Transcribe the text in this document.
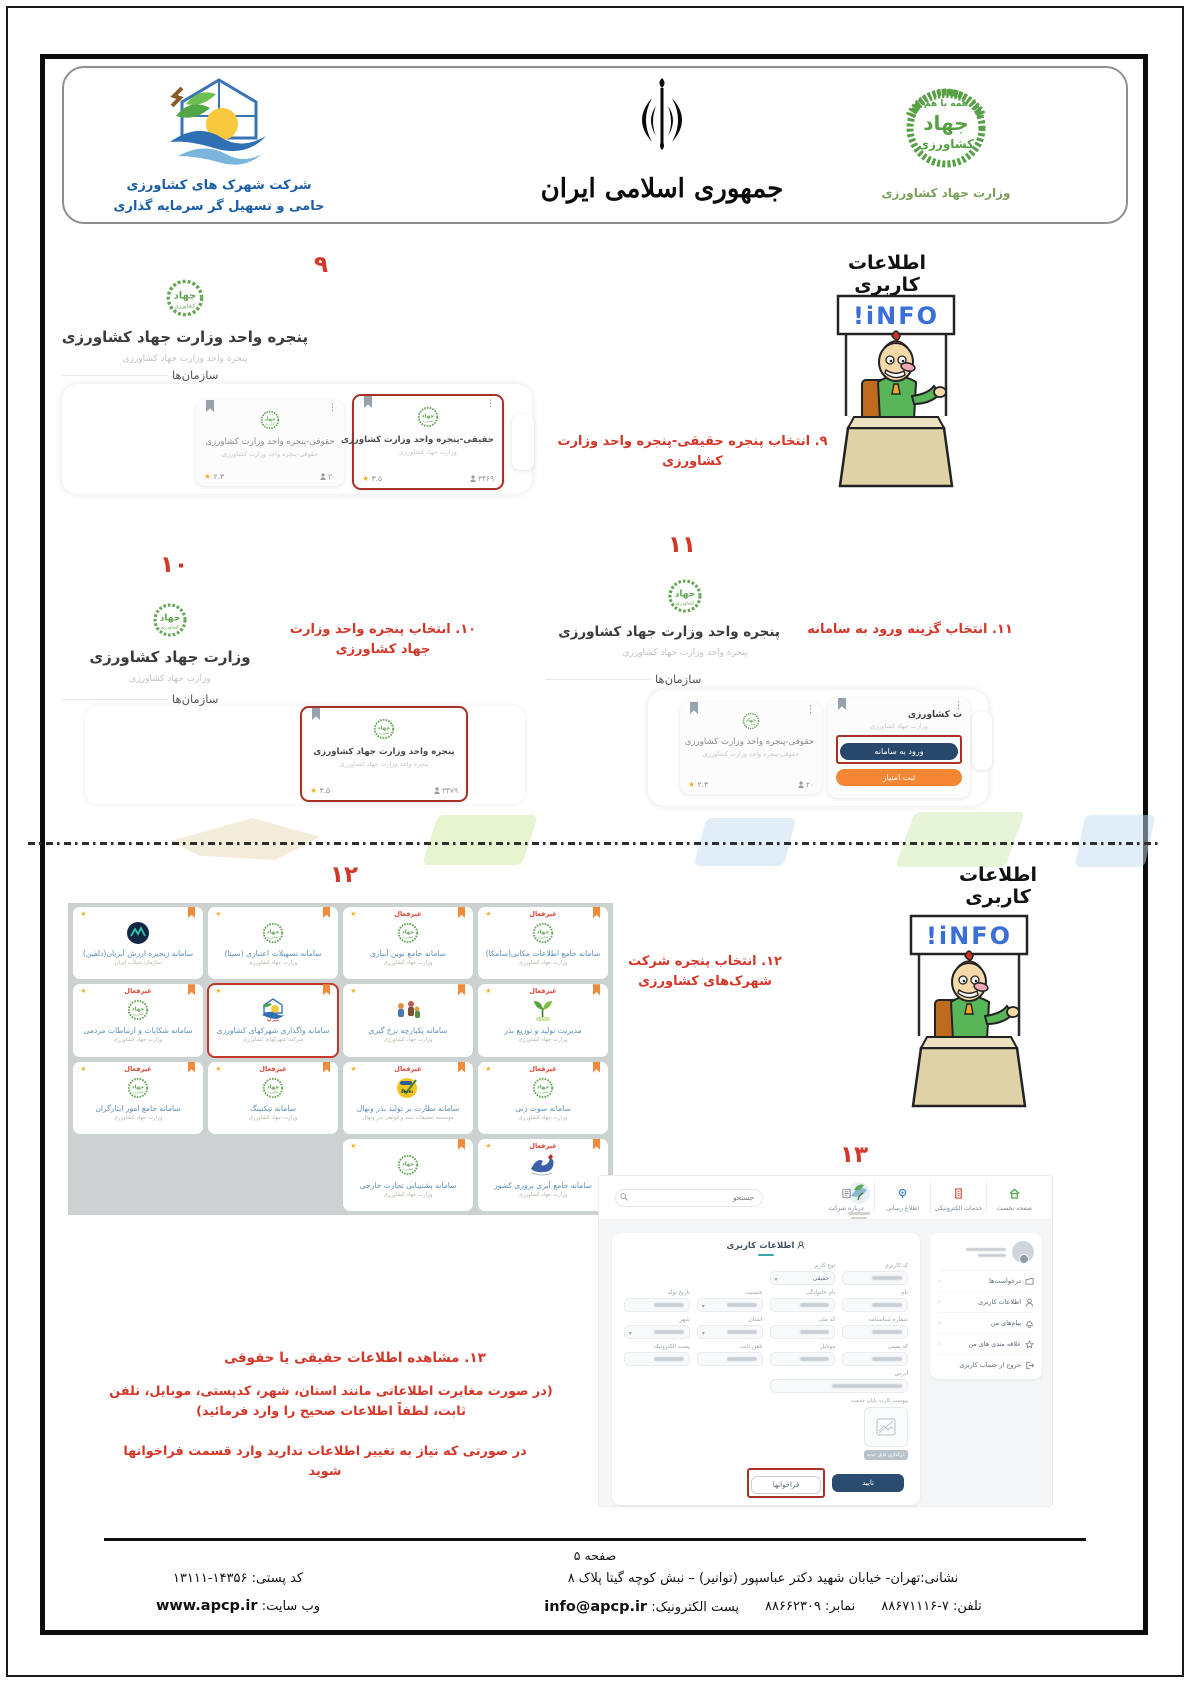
شرکت شهرک های کشاورزی
حامی و تسهیل گر سرمایه گذاری
جمهوری اسلامی ایران
همه با هم
جهاد
کشاورزی
وزارت جهاد کشاورزی
اطلاعات کاربری
iNFO!
۹
جهاد
کشاورزی
پنجره واحد وزارت جهاد کشاورزی
پنجره واحد وزارت جهاد کشاورزی
سازمان‌ها
⋮
جهاد
کشاورزی
حقوقی-پنجره واحد وزارت کشاورزی
حقوقی-پنجره واحد وزارت کشاورزی
★ ۲.۳	۲۰
⋮
جهاد
کشاورزی
حقیقی-پنجره واحد وزارت کشاورزی
وزارت جهاد کشاورزی
★ ۳.۵	۳۴۶۹
۹. انتخاب پنجره حقیقی-پنجره واحد وزارت کشاورزی
۱۰
جهاد
کشاورزی
وزارت جهاد کشاورزی
وزارت جهاد کشاورزی
۱۰. انتخاب پنجره واحد وزارت جهاد کشاورزی
سازمان‌ها
جهاد
کشاورزی
پنجره واحد وزارت جهاد کشاورزی
پنجره واحد وزارت جهاد کشاورزی
★ ۳.۵	۳۴۷۹
۱۱
جهاد
کشاورزی
پنجره واحد وزارت جهاد کشاورزی
پنجره واحد وزارت جهاد کشاورزی
۱۱. انتخاب گزینه ورود به سامانه
سازمان‌ها
⋮
جهاد
کشاورزی
حقوقی-پنجره واحد وزارت کشاورزی
حقوقی-پنجره واحد وزارت کشاورزی
★ ۲.۳	۲۰
⋮
ت کشاورزی
وزارت جهاد کشاورزی
ورود به سامانه
ثبت امتیاز
اطلاعات کاربری
iNFO!
۱۲
★·	غیرفعال
جهاد
کشاورزی
سامانه جامع اطلاعات مکانی(سامکا)
وزارت جهاد کشاورزی
★·	غیرفعال
جهاد
کشاورزی
سامانه جامع نوین آبیاری
وزارت جهاد کشاورزی
★·
جهاد
کشاورزی
سامانه تسهیلات اعتباری (سیتا)
وزارت جهاد کشاورزی
★·
سامانه زنجیره ارزش آبزیان(دلفین)
سازمان شیلات ایران
★·	غیرفعال
مدیریت تولید و توزیع بذر
وزارت جهاد کشاورزی
★·
سامانه یکپارچه نرخ گیری
وزارت جهاد کشاورزی
★·
شهرکها
سامانه واگذاری شهرکهای کشاورزی
شرکت شهرکهای کشاورزی
★·	غیرفعال
جهاد
کشاورزی
سامانه شکایات و ارتباطات مردمی
وزارت جهاد کشاورزی
★·	غیرفعال
جهاد
کشاورزی
سامانه سوت زنی
وزارت جهاد کشاورزی
★·	غیرفعال
SPCRI
سامانه نظارت بر تولید بذر ونهال
موسسه تحقیقات ثبت و گواهی بذر ونهال
★·	غیرفعال
جهاد
کشاورزی
سامانه تیکتینگ
وزارت جهاد کشاورزی
★·	غیرفعال
جهاد
کشاورزی
سامانه جامع امور ایثارگران
وزارت جهاد کشاورزی
★·	غیرفعال
سامانه جامع آبزی پروری کشور
وزارت جهاد کشاورزی
★·
جهاد
کشاورزی
سامانه پشتیبانی تجارت خارجی
وزارت جهاد کشاورزی
۱۲. انتخاب پنجره شرکت شهرک‌های کشاورزی
۱۳
جستجو
صفحه نخست
خدمات الکترونیکی
اطلاع رسانی
درباره شرکت
درخواست‌ها
‹
اطلاعات کاربری
‹
پیام‌های من
‹
علاقه مندی های من
‹
خروج از حساب کاربری
اطلاعات کاربری
کد کاربری
نوع کاربر
حقیقی
▾
نام
نام خانوادگی
جنسیت
▾
تاریخ تولد
شماره شناسنامه
کد ملی
استان
▾
شهر
▾
کد پستی
موبایل
تلفن ثابت
پست الکترونیک
آدرس
پیوست کارت پایان خدمت
بارگذاری فایل جدید
تایید
فراخوانها
۱۳. مشاهده اطلاعات حقیقی یا حقوقی
(در صورت مغایرت اطلاعاتی مانند استان، شهر، کدپستی، موبایل، تلفن ثابت، لطفاً اطلاعات صحیح را وارد فرمائید)
در صورتی که نیاز به تغییر اطلاعات ندارید وارد قسمت فراخوانها شوید
صفحه ۵
نشانی:تهران- خیابان شهید دکتر عباسپور (توانیر) – نبش کوچه گیتا پلاک ۸
کد پستی: ۱۴۳۵۶-۱۳۱۱۱
تلفن: ۷-۸۸۶۷۱۱۱۶
نمابر: ۸۸۶۶۲۳۰۹
پست الکترونیک: info@apcp.ir
وب سایت: www.apcp.ir
